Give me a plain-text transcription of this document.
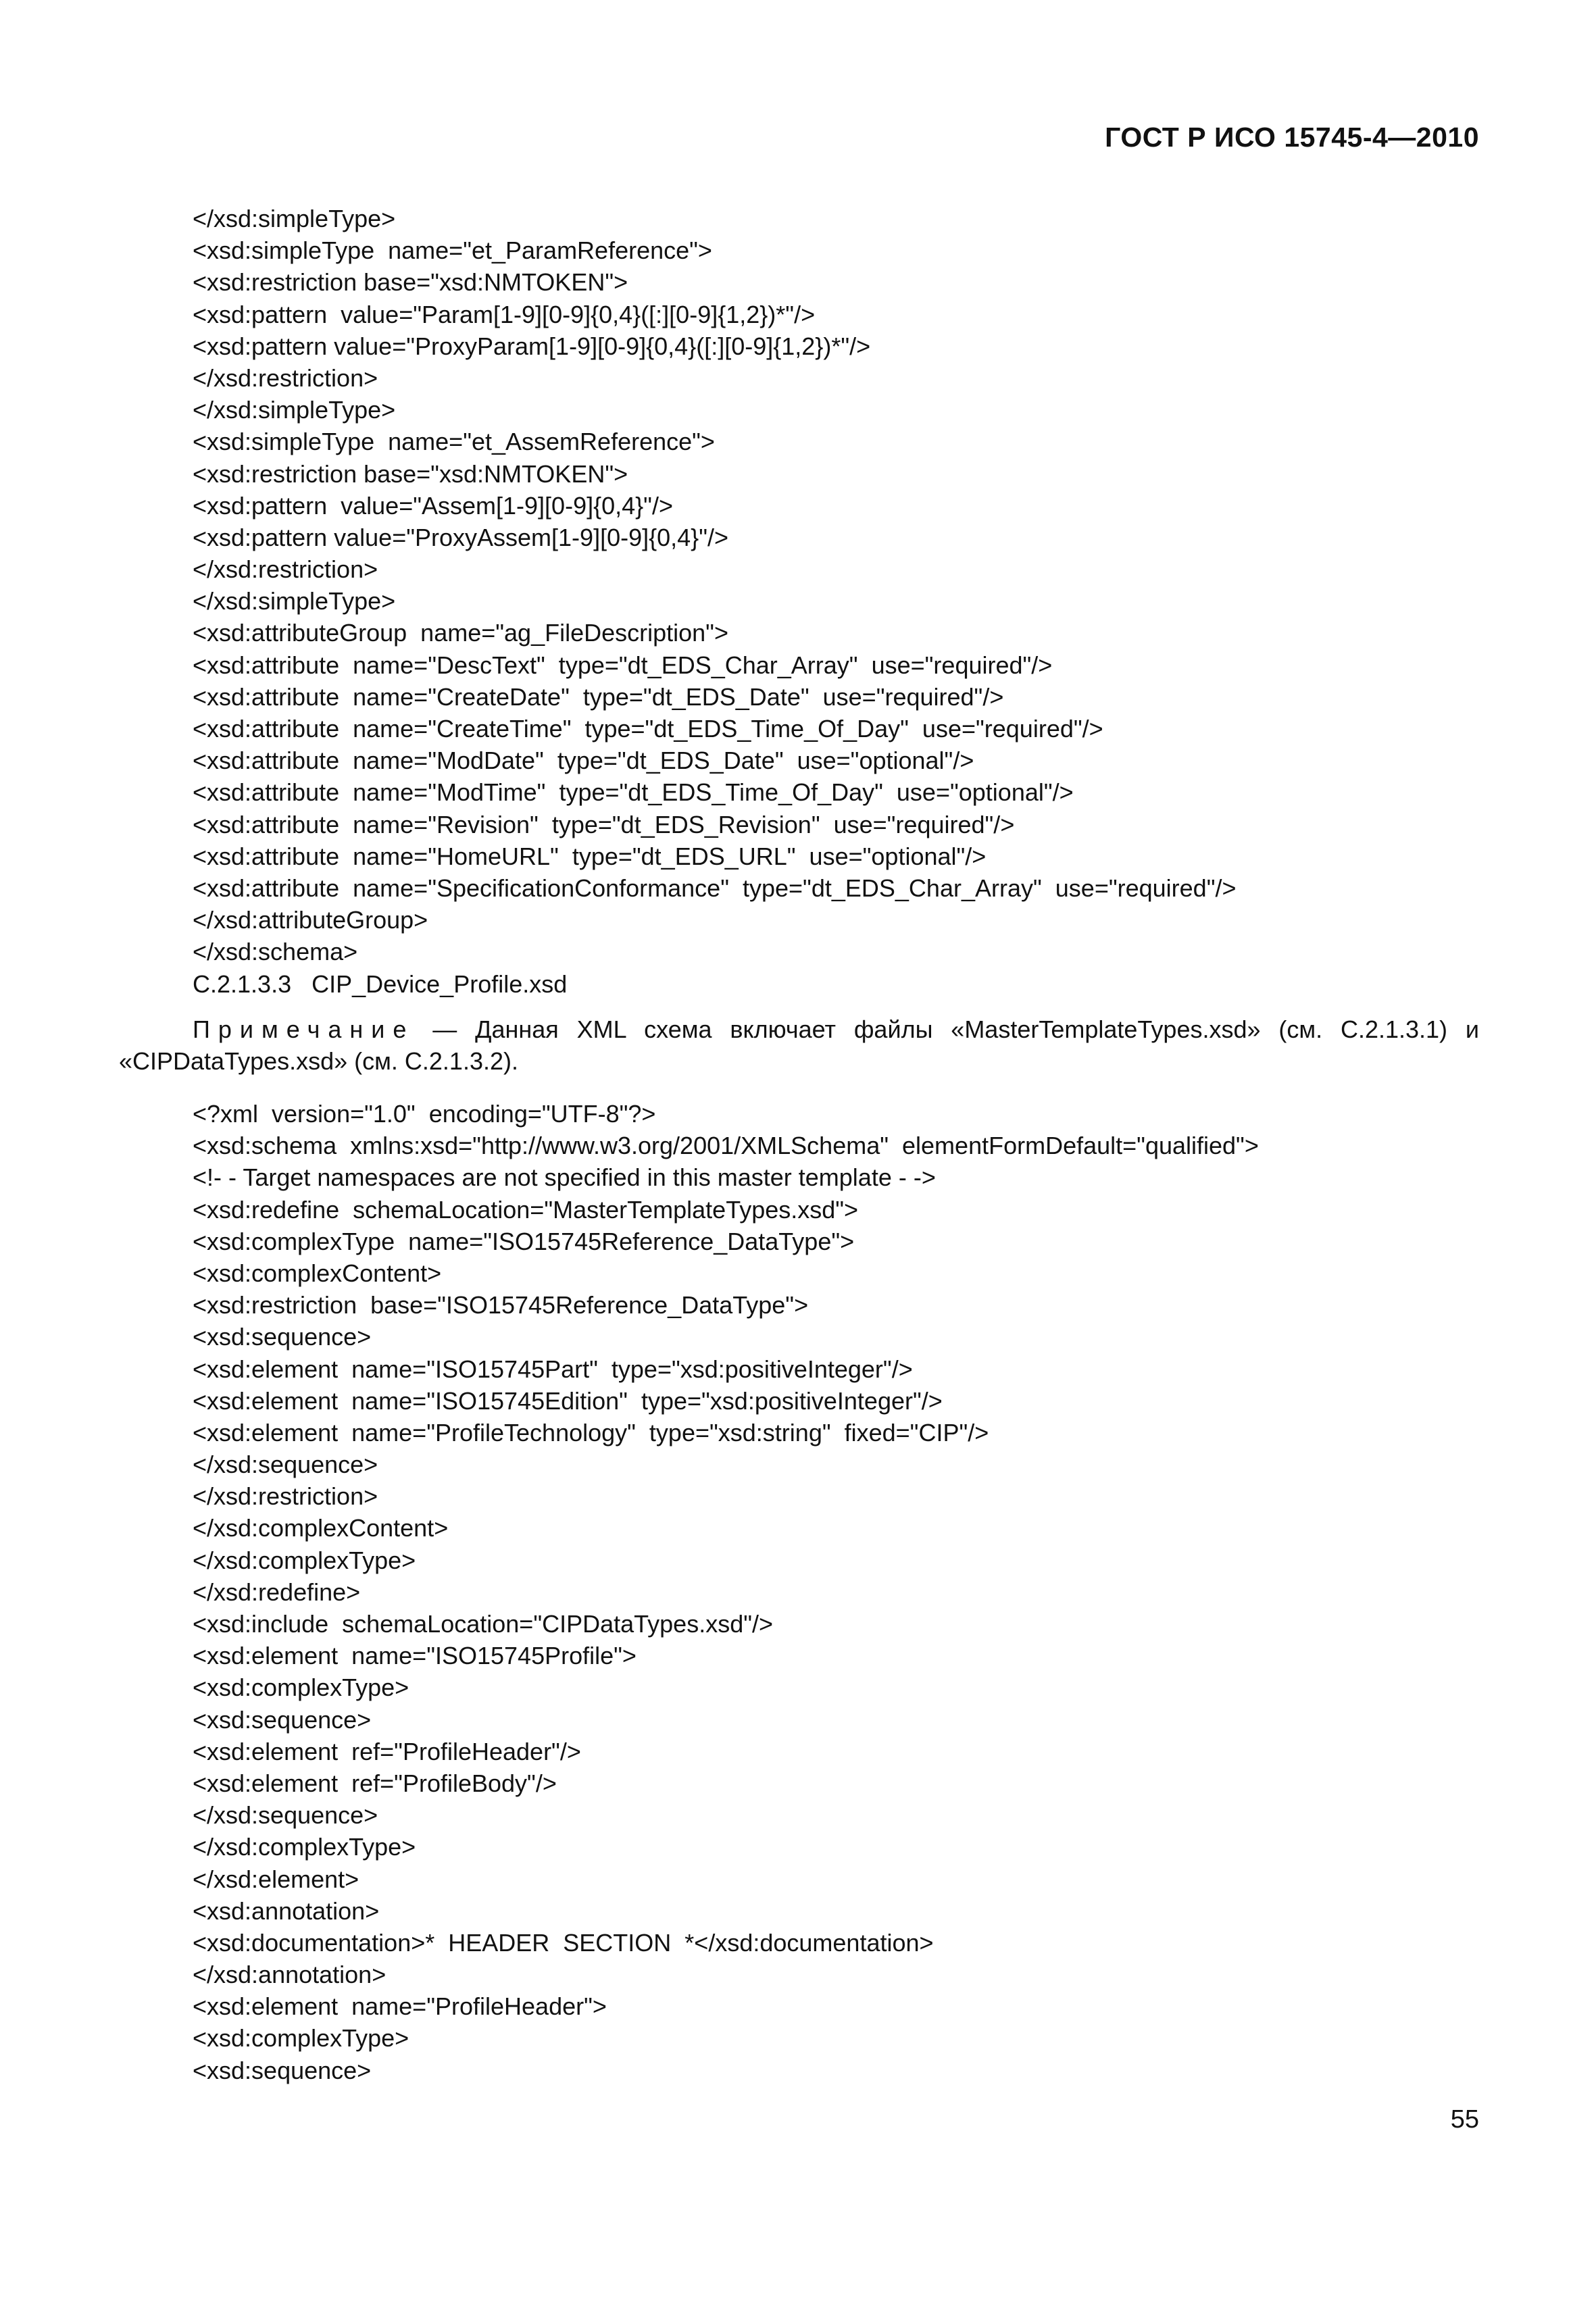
ГОСТ Р ИСО 15745-4—2010
</xsd:simpleType>
<xsd:simpleType  name="et_ParamReference">
<xsd:restriction base="xsd:NMTOKEN">
<xsd:pattern  value="Param[1-9][0-9]{0,4}([:][0-9]{1,2})*"/>
<xsd:pattern value="ProxyParam[1-9][0-9]{0,4}([:][0-9]{1,2})*"/>
</xsd:restriction>
</xsd:simpleType>
<xsd:simpleType  name="et_AssemReference">
<xsd:restriction base="xsd:NMTOKEN">
<xsd:pattern  value="Assem[1-9][0-9]{0,4}"/>
<xsd:pattern value="ProxyAssem[1-9][0-9]{0,4}"/>
</xsd:restriction>
</xsd:simpleType>
<xsd:attributeGroup  name="ag_FileDescription">
<xsd:attribute  name="DescText"  type="dt_EDS_Char_Array"  use="required"/>
<xsd:attribute  name="CreateDate"  type="dt_EDS_Date"  use="required"/>
<xsd:attribute  name="CreateTime"  type="dt_EDS_Time_Of_Day"  use="required"/>
<xsd:attribute  name="ModDate"  type="dt_EDS_Date"  use="optional"/>
<xsd:attribute  name="ModTime"  type="dt_EDS_Time_Of_Day"  use="optional"/>
<xsd:attribute  name="Revision"  type="dt_EDS_Revision"  use="required"/>
<xsd:attribute  name="HomeURL"  type="dt_EDS_URL"  use="optional"/>
<xsd:attribute  name="SpecificationConformance"  type="dt_EDS_Char_Array"  use="required"/>
</xsd:attributeGroup>
</xsd:schema>
C.2.1.3.3   CIP_Device_Profile.xsd
Примечание — Данная XML схема включает файлы «MasterTemplateTypes.xsd» (см. C.2.1.3.1) и
«CIPDataTypes.xsd» (см. C.2.1.3.2).
<?xml  version="1.0"  encoding="UTF-8"?>
<xsd:schema  xmlns:xsd="http://www.w3.org/2001/XMLSchema"  elementFormDefault="qualified">
<!- - Target namespaces are not specified in this master template - ->
<xsd:redefine  schemaLocation="MasterTemplateTypes.xsd">
<xsd:complexType  name="ISO15745Reference_DataType">
<xsd:complexContent>
<xsd:restriction  base="ISO15745Reference_DataType">
<xsd:sequence>
<xsd:element  name="ISO15745Part"  type="xsd:positiveInteger"/>
<xsd:element  name="ISO15745Edition"  type="xsd:positiveInteger"/>
<xsd:element  name="ProfileTechnology"  type="xsd:string"  fixed="CIP"/>
</xsd:sequence>
</xsd:restriction>
</xsd:complexContent>
</xsd:complexType>
</xsd:redefine>
<xsd:include  schemaLocation="CIPDataTypes.xsd"/>
<xsd:element  name="ISO15745Profile">
<xsd:complexType>
<xsd:sequence>
<xsd:element  ref="ProfileHeader"/>
<xsd:element  ref="ProfileBody"/>
</xsd:sequence>
</xsd:complexType>
</xsd:element>
<xsd:annotation>
<xsd:documentation>*  HEADER  SECTION  *</xsd:documentation>
</xsd:annotation>
<xsd:element  name="ProfileHeader">
<xsd:complexType>
<xsd:sequence>
55
